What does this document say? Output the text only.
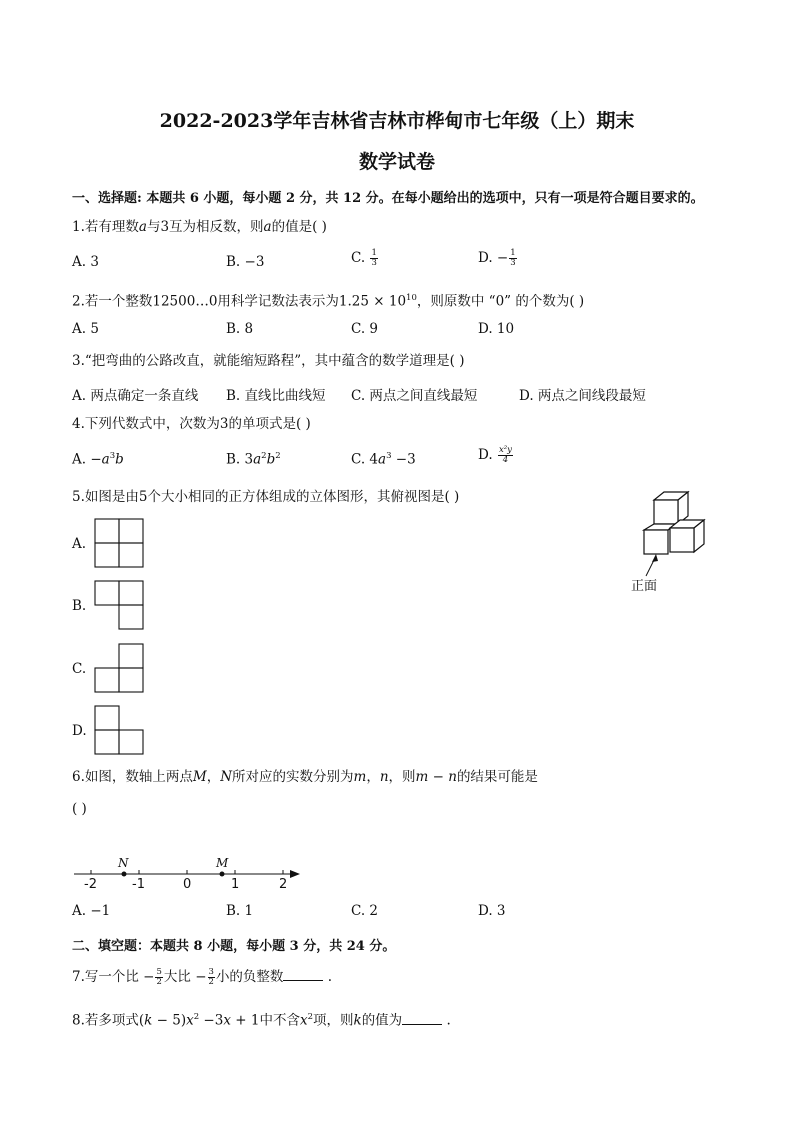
2022-2023学年吉林省吉林市桦甸市七年级（上）期末
数学试卷
一、选择题: 本题共 6 小题，每小题 2 分，共 12 分。在每小题给出的选项中，只有一项是符合题目要求的。
1.若有理数a与3互为相反数，则a的值是( )
A. 3	B. −3	C. $\frac{1}{3}$	D. − $\frac{1}{3}$
2.若一个整数12500…0用科学记数法表示为$1.25 \times 10^{10}$，则原数中 “0” 的个数为( )
A. 5	B. 8	C. 9	D. 10
3.“把弯曲的公路改直，就能缩短路程”，其中蕴含的数学道理是( )
A. 两点确定一条直线 B. 直线比曲线短 C. 两点之间直线最短	D. 两点之间线段最短
4.下列代数式中，次数为3的单项式是( )
A. $-a^3b$	B. $3a^2b^2$	C. $4a^3 -3$	D. $\frac{\text{x²y}}{4}$
5.如图是由5个大小相同的正方体组成的立体图形，其俯视图是( )
正面
A.
B.
C.
D.
6.如图，数轴上两点M，N所对应的实数分别为m，n，则m − n的结果可能是
( )
N	M
-2	-1	0	1	2
A. −1	B. 1	C. 2	D. 3
二、填空题：本题共 8 小题，每小题 3 分，共 24 分。
7.写一个比 − $\frac{5}{2}$ 大比 − $\frac{3}{2}$ 小的负整数	.
8.若多项式$(k - 5)x^2 -3x + 1$中不含$x^2$项，则k的值为	.
